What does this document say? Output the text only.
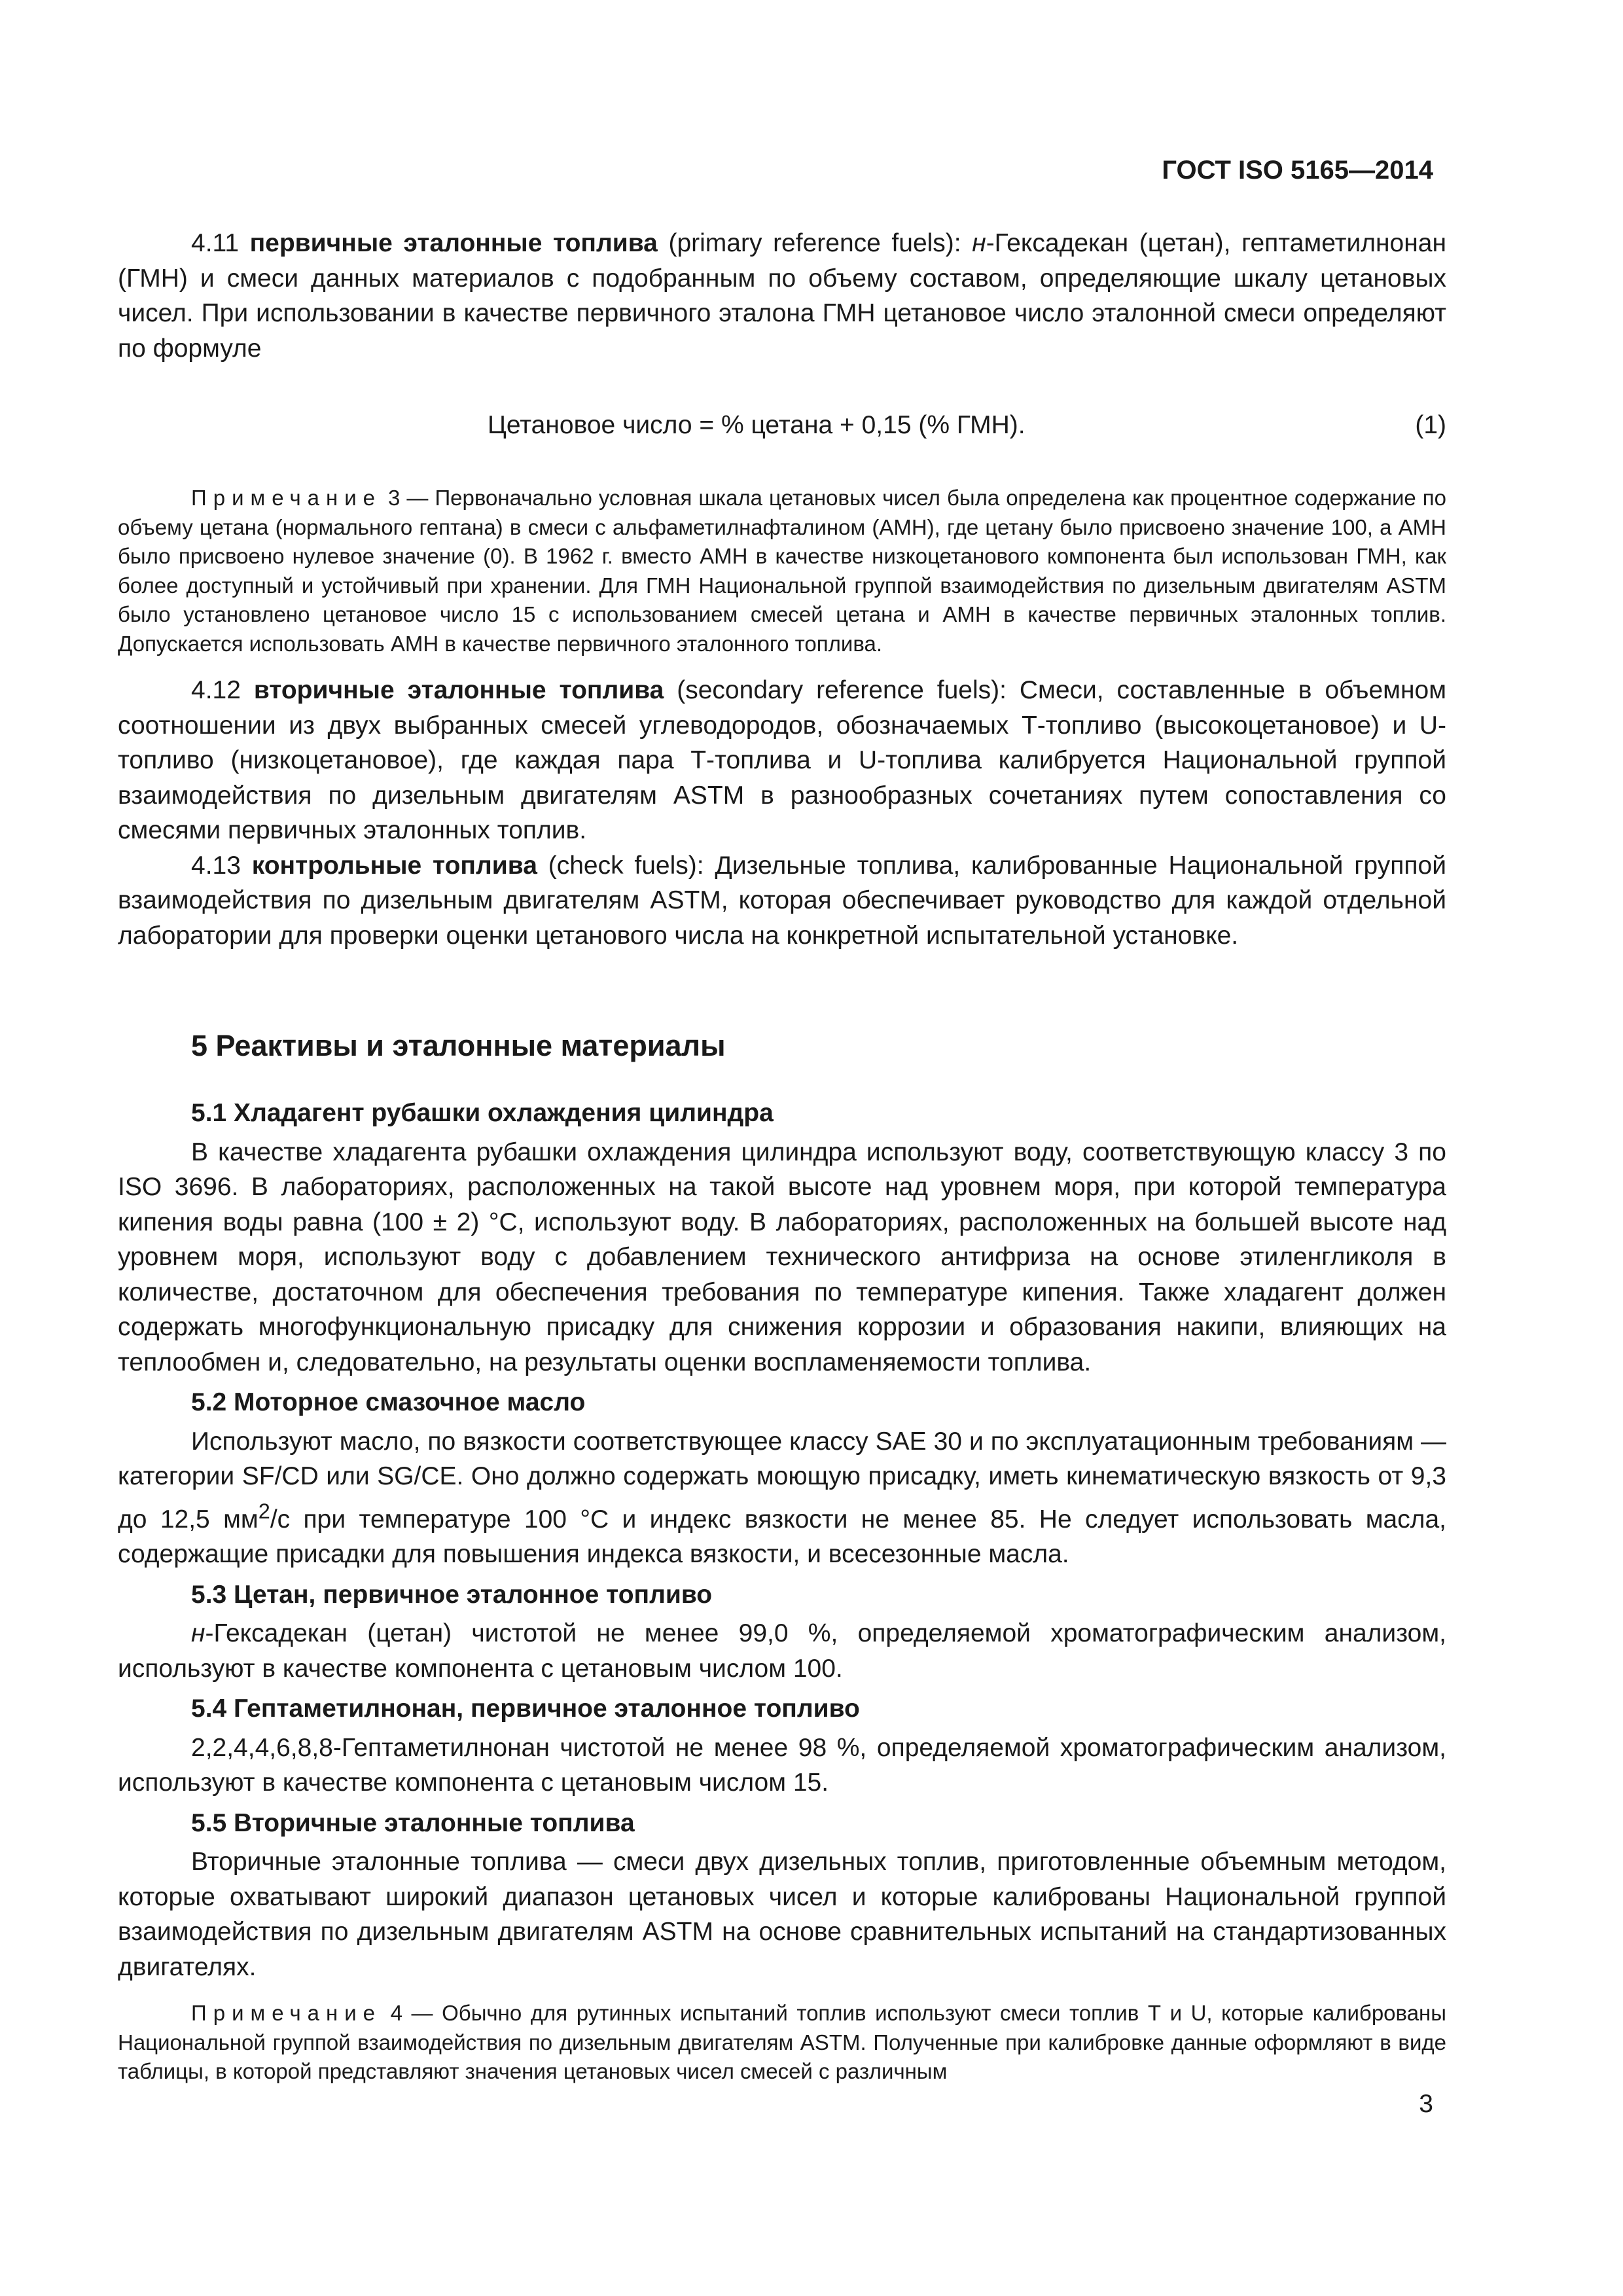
ГОСТ ISO 5165—2014

4.11 первичные эталонные топлива (primary reference fuels): н-Гексадекан (цетан), гептаметилнонан (ГМН) и смеси данных материалов с подобранным по объему составом, определяющие шкалу цетановых чисел. При использовании в качестве первичного эталона ГМН цетановое число эталонной смеси определяют по формуле

Цетановое число = % цетана + 0,15 (% ГМН).	(1)

Примечание 3 — Первоначально условная шкала цетановых чисел была определена как процентное содержание по объему цетана (нормального гептана) в смеси с альфаметилнафталином (АМН), где цетану было присвоено значение 100, а АМН было присвоено нулевое значение (0). В 1962 г. вместо АМН в качестве низкоцетанового компонента был использован ГМН, как более доступный и устойчивый при хранении. Для ГМН Национальной группой взаимодействия по дизельным двигателям ASTM было установлено цетановое число 15 с использованием смесей цетана и АМН в качестве первичных эталонных топлив. Допускается использовать АМН в качестве первичного эталонного топлива.

4.12 вторичные эталонные топлива (secondary reference fuels): Смеси, составленные в объемном соотношении из двух выбранных смесей углеводородов, обозначаемых Т-топливо (высокоцетановое) и U-топливо (низкоцетановое), где каждая пара Т-топлива и U-топлива калибруется Национальной группой взаимодействия по дизельным двигателям ASTM в разнообразных сочетаниях путем сопоставления со смесями первичных эталонных топлив.

4.13 контрольные топлива (check fuels): Дизельные топлива, калиброванные Национальной группой взаимодействия по дизельным двигателям ASTM, которая обеспечивает руководство для каждой отдельной лаборатории для проверки оценки цетанового числа на конкретной испытательной установке.

5 Реактивы и эталонные материалы
5.1 Хладагент рубашки охлаждения цилиндра

В качестве хладагента рубашки охлаждения цилиндра используют воду, соответствующую классу 3 по ISO 3696. В лабораториях, расположенных на такой высоте над уровнем моря, при которой температура кипения воды равна (100 ± 2) °С, используют воду. В лабораториях, расположенных на большей высоте над уровнем моря, используют воду с добавлением технического антифриза на основе этиленгликоля в количестве, достаточном для обеспечения требования по температуре кипения. Также хладагент должен содержать многофункциональную присадку для снижения коррозии и образования накипи, влияющих на теплообмен и, следовательно, на результаты оценки воспламеняемости топлива.

5.2 Моторное смазочное масло

Используют масло, по вязкости соответствующее классу SAE 30 и по эксплуатационным требованиям — категории SF/CD или SG/CE. Оно должно содержать моющую присадку, иметь кинематическую вязкость от 9,3 до 12,5 $мм^2/с$ при температуре 100 °С и индекс вязкости не менее 85. Не следует использовать масла, содержащие присадки для повышения индекса вязкости, и всесезонные масла.

5.3 Цетан, первичное эталонное топливо

н-Гексадекан (цетан) чистотой не менее 99,0 %, определяемой хроматографическим анализом, используют в качестве компонента с цетановым числом 100.

5.4 Гептаметилнонан, первичное эталонное топливо

2,2,4,4,6,8,8-Гептаметилнонан чистотой не менее 98 %, определяемой хроматографическим анализом, используют в качестве компонента с цетановым числом 15.

5.5 Вторичные эталонные топлива

Вторичные эталонные топлива — смеси двух дизельных топлив, приготовленные объемным методом, которые охватывают широкий диапазон цетановых чисел и которые калиброваны Национальной группой взаимодействия по дизельным двигателям ASTM на основе сравнительных испытаний на стандартизованных двигателях.

Примечание 4 — Обычно для рутинных испытаний топлив используют смеси топлив Т и U, которые калиброваны Национальной группой взаимодействия по дизельным двигателям ASTM. Полученные при калибровке данные оформляют в виде таблицы, в которой представляют значения цетановых чисел смесей с различным

3
